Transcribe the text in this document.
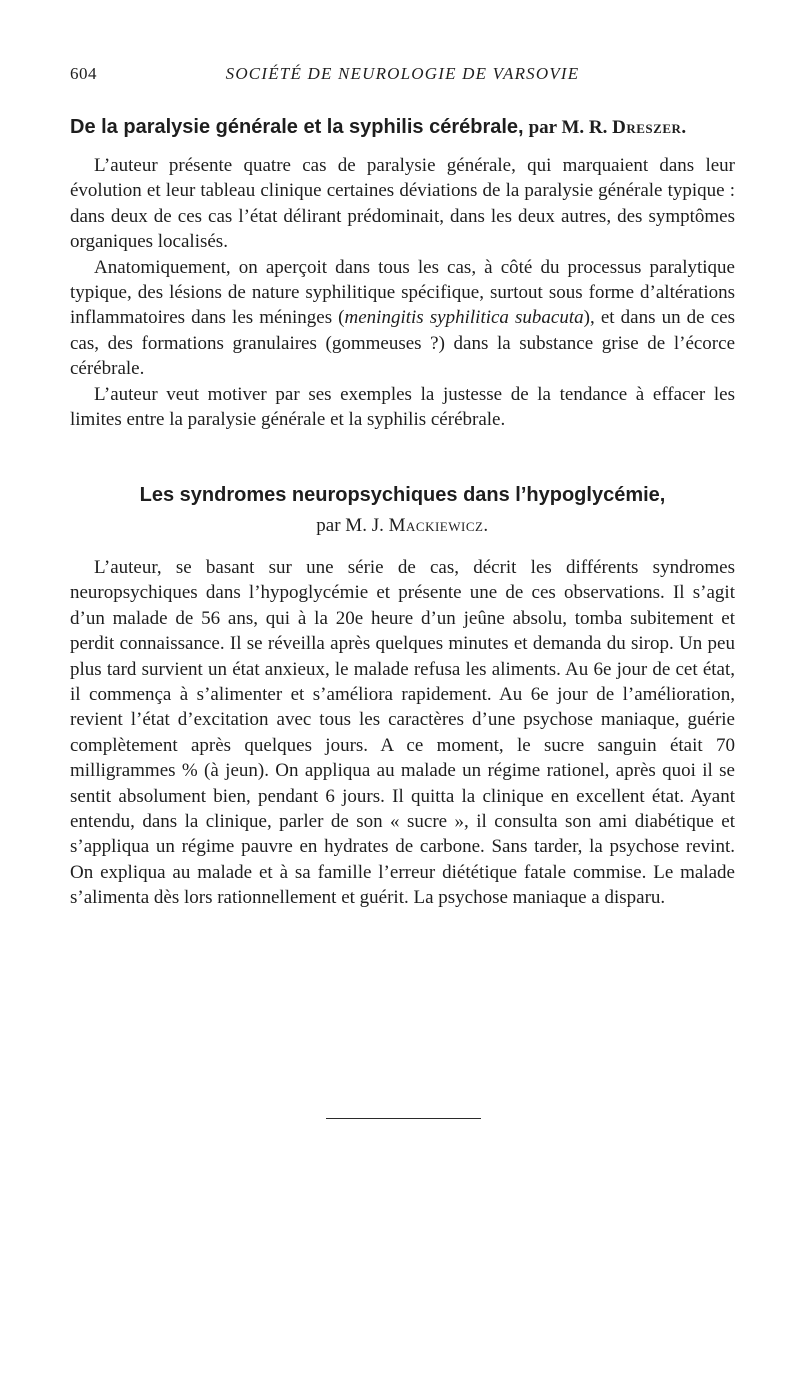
604	SOCIÉTÉ DE NEUROLOGIE DE VARSOVIE
De la paralysie générale et la syphilis cérébrale, par M. R. Dreszer.

L’auteur présente quatre cas de paralysie générale, qui marquaient dans leur évolution et leur tableau clinique certaines déviations de la paralysie générale typique : dans deux de ces cas l’état délirant prédominait, dans les deux autres, des symptômes organiques localisés.

Anatomiquement, on aperçoit dans tous les cas, à côté du processus paralytique typique, des lésions de nature syphilitique spécifique, surtout sous forme d’altérations inflammatoires dans les méninges (meningitis syphilitica subacuta), et dans un de ces cas, des formations granulaires (gommeuses ?) dans la substance grise de l’écorce cérébrale.

L’auteur veut motiver par ses exemples la justesse de la tendance à effacer les limites entre la paralysie générale et la syphilis cérébrale.

Les syndromes neuropsychiques dans l’hypoglycémie,
par M. J. Mackiewicz.

L’auteur, se basant sur une série de cas, décrit les différents syndromes neuropsychiques dans l’hypoglycémie et présente une de ces observations. Il s’agit d’un malade de 56 ans, qui à la 20e heure d’un jeûne absolu, tomba subitement et perdit connaissance. Il se réveilla après quelques minutes et demanda du sirop. Un peu plus tard survient un état anxieux, le malade refusa les aliments. Au 6e jour de cet état, il commença à s’alimenter et s’améliora rapidement. Au 6e jour de l’amélioration, revient l’état d’excitation avec tous les caractères d’une psychose maniaque, guérie complètement après quelques jours. A ce moment, le sucre sanguin était 70 milligrammes % (à jeun). On appliqua au malade un régime rationel, après quoi il se sentit absolument bien, pendant 6 jours. Il quitta la clinique en excellent état. Ayant entendu, dans la clinique, parler de son « sucre », il consulta son ami diabétique et s’appliqua un régime pauvre en hydrates de carbone. Sans tarder, la psychose revint. On expliqua au malade et à sa famille l’erreur diététique fatale commise. Le malade s’alimenta dès lors rationnellement et guérit. La psychose maniaque a disparu.
